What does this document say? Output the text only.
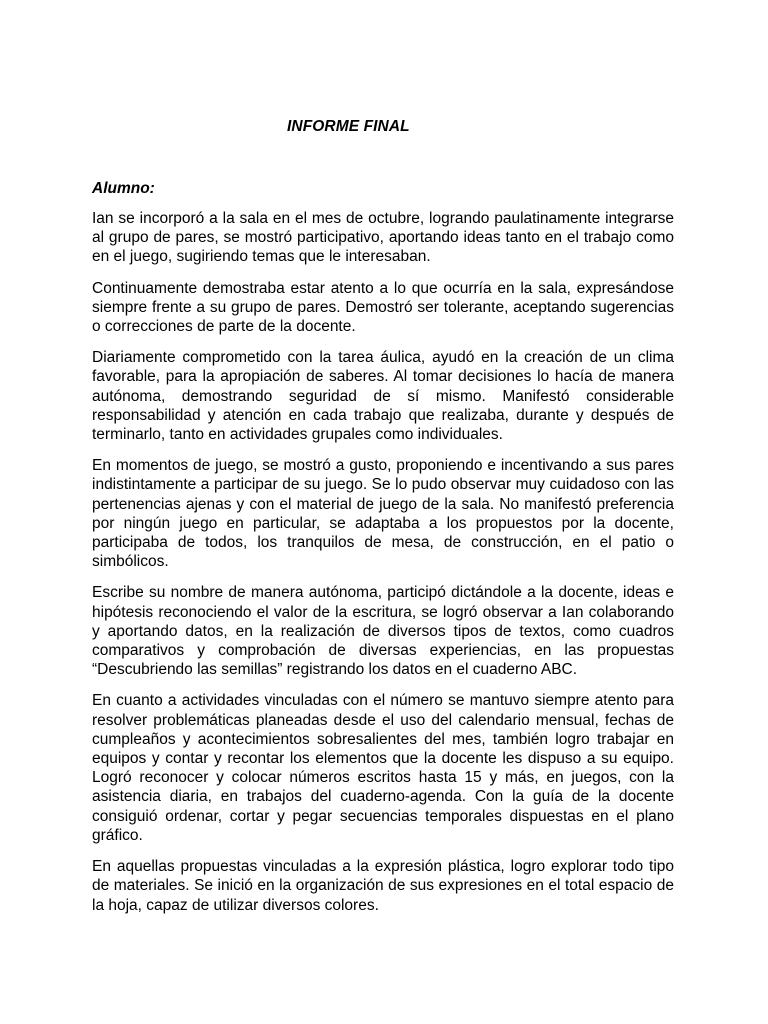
INFORME FINAL

Alumno:

Ian se incorporó a la sala en el mes de octubre, logrando paulatinamente integrarse al grupo de pares, se mostró participativo, aportando ideas tanto en el trabajo como en el juego, sugiriendo temas que le interesaban.

Continuamente demostraba estar atento a lo que ocurría en la sala, expresándose siempre frente a su grupo de pares. Demostró ser tolerante, aceptando sugerencias o correcciones de parte de la docente.

Diariamente comprometido con la tarea áulica, ayudó en la creación de un clima favorable, para la apropiación de saberes. Al tomar decisiones lo hacía de manera autónoma, demostrando seguridad de sí mismo. Manifestó considerable responsabilidad y atención en cada trabajo que realizaba, durante y después de terminarlo, tanto en actividades grupales como individuales.

En momentos de juego, se mostró a gusto, proponiendo e incentivando a sus pares indistintamente a participar de su juego. Se lo pudo observar muy cuidadoso con las pertenencias ajenas y con el material de juego de la sala. No manifestó preferencia por ningún juego en particular, se adaptaba a los propuestos por la docente, participaba de todos, los tranquilos de mesa, de construcción, en el patio o simbólicos.

Escribe su nombre de manera autónoma, participó dictándole a la docente, ideas e hipótesis reconociendo el valor de la escritura, se logró observar a Ian colaborando y aportando datos, en la realización de diversos tipos de textos, como cuadros comparativos y comprobación de diversas experiencias, en las propuestas “Descubriendo las semillas” registrando los datos en el cuaderno ABC.

En cuanto a actividades vinculadas con el número se mantuvo siempre atento para resolver problemáticas planeadas desde el uso del calendario mensual, fechas de cumpleaños y acontecimientos sobresalientes del mes, también logro trabajar en equipos y contar y recontar los elementos que la docente les dispuso a su equipo. Logró reconocer y colocar números escritos hasta 15 y más, en juegos, con la asistencia diaria, en trabajos del cuaderno-agenda. Con la guía de la docente consiguió ordenar, cortar y pegar secuencias temporales dispuestas en el plano gráfico.

En aquellas propuestas vinculadas a la expresión plástica, logro explorar todo tipo de materiales. Se inició en la organización de sus expresiones en el total espacio de la hoja, capaz de utilizar diversos colores.
